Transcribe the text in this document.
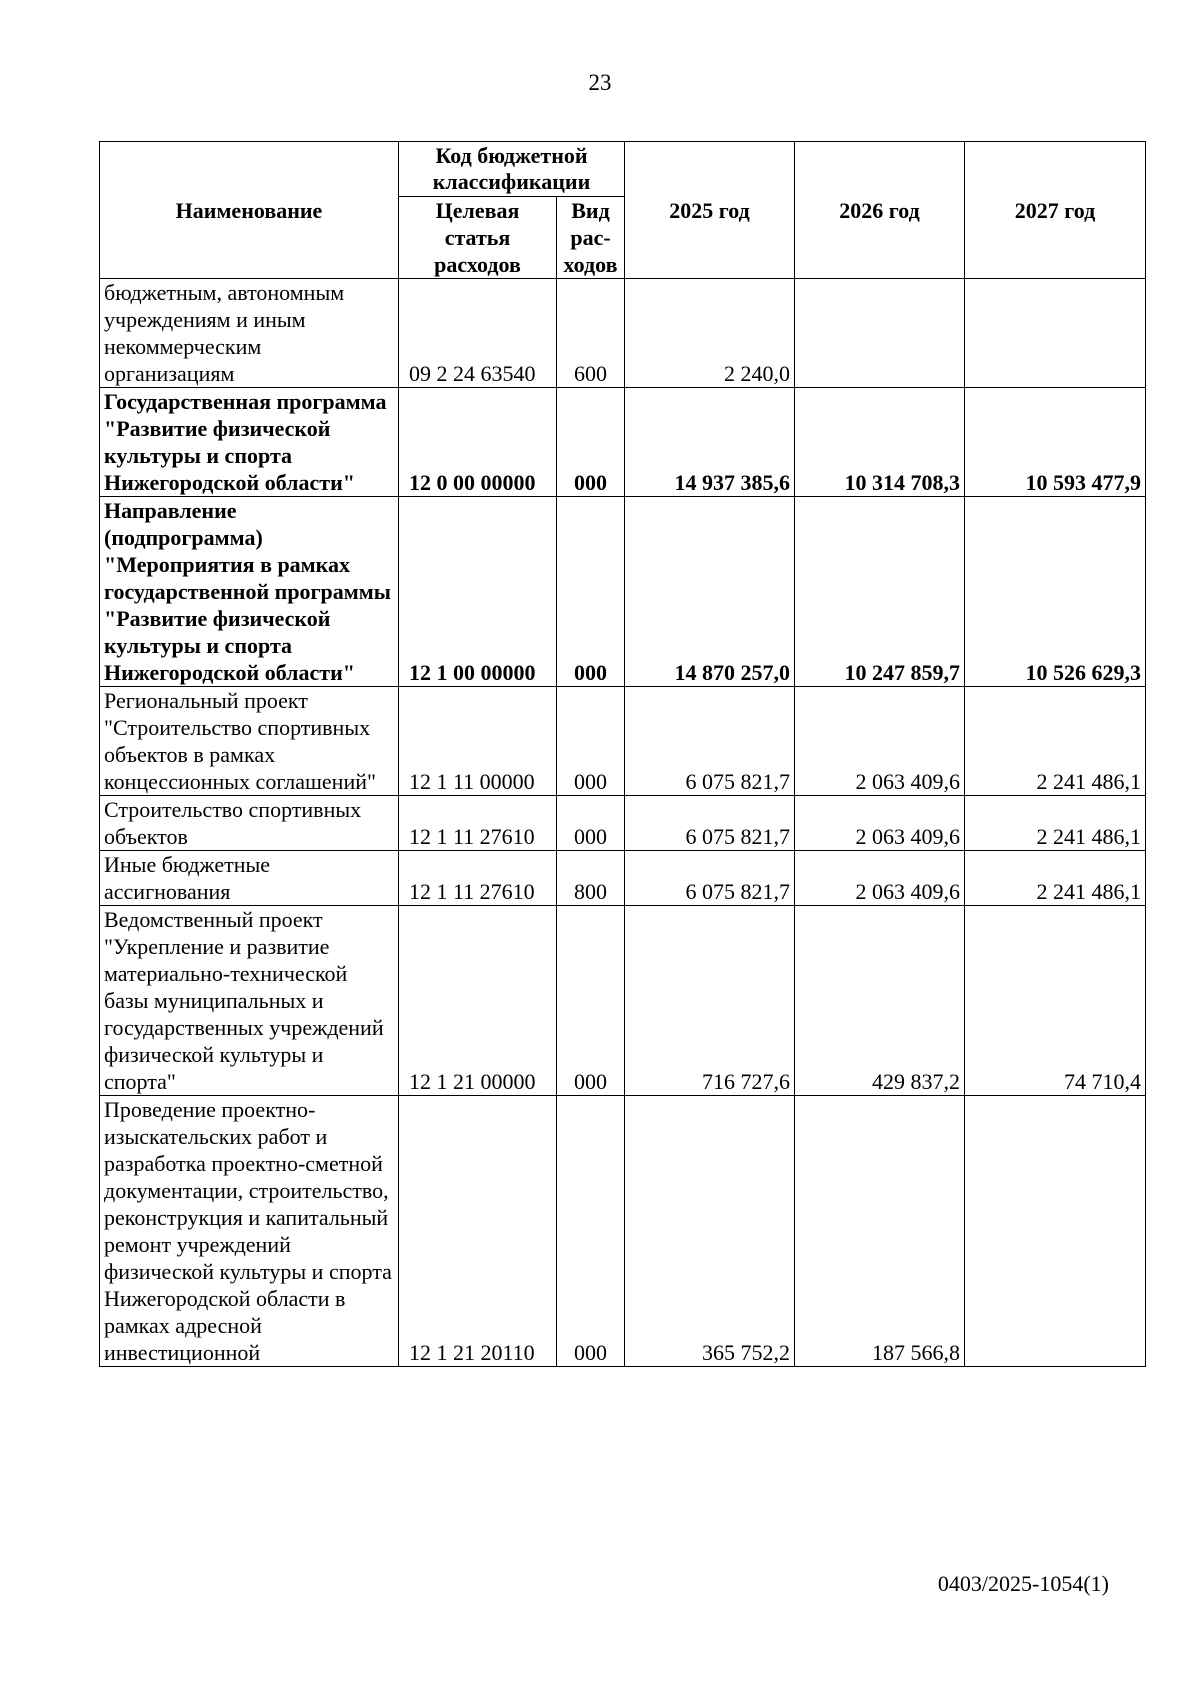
23
Наименование	Код бюджетной классификации		2025 год	2026 год	2027 год
	Целевая статья расходов	Вид рас-ходов			
бюджетным, автономным учреждениям и иным некоммерческим организациям	09 2 24 63540	600	2 240,0		
Государственная программа "Развитие физической культуры и спорта Нижегородской области"	12 0 00 00000	000	14 937 385,6	10 314 708,3	10 593 477,9
Направление (подпрограмма) "Мероприятия в рамках государственной программы "Развитие физической культуры и спорта Нижегородской области"	12 1 00 00000	000	14 870 257,0	10 247 859,7	10 526 629,3
Региональный проект "Строительство спортивных объектов в рамках концессионных соглашений"	12 1 11 00000	000	6 075 821,7	2 063 409,6	2 241 486,1
Строительство спортивных объектов	12 1 11 27610	000	6 075 821,7	2 063 409,6	2 241 486,1
Иные бюджетные ассигнования	12 1 11 27610	800	6 075 821,7	2 063 409,6	2 241 486,1
Ведомственный проект "Укрепление и развитие материально-технической базы муниципальных и государственных учреждений физической культуры и спорта"	12 1 21 00000	000	716 727,6	429 837,2	74 710,4
Проведение проектно-изыскательских работ и разработка проектно-сметной документации, строительство, реконструкция и капитальный ремонт учреждений физической культуры и спорта Нижегородской области в рамках адресной инвестиционной	12 1 21 20110	000	365 752,2	187 566,8	
0403/2025-1054(1)
